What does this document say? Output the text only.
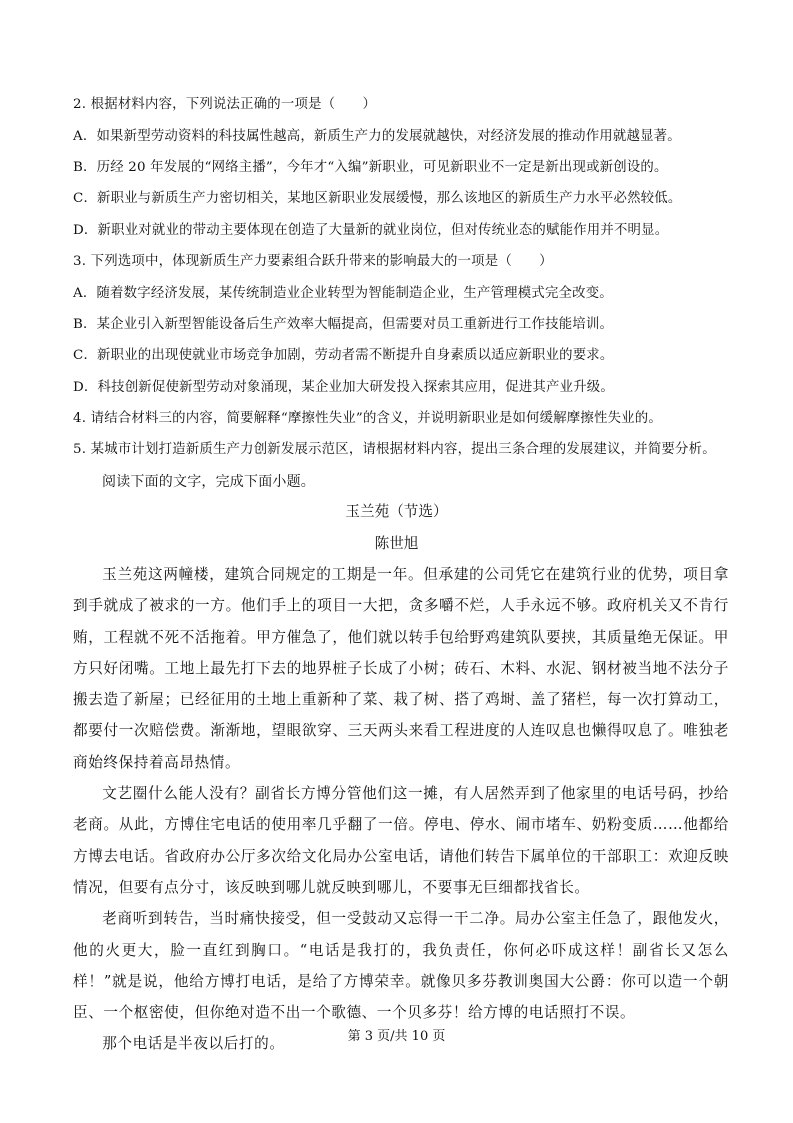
2. 根据材料内容，下列说法正确的一项是（　　）
A．如果新型劳动资料的科技属性越高，新质生产力的发展就越快，对经济发展的推动作用就越显著。
B．历经 20 年发展的“网络主播”，今年才“入编”新职业，可见新职业不一定是新出现或新创设的。
C．新职业与新质生产力密切相关，某地区新职业发展缓慢，那么该地区的新质生产力水平必然较低。
D．新职业对就业的带动主要体现在创造了大量新的就业岗位，但对传统业态的赋能作用并不明显。
3. 下列选项中，体现新质生产力要素组合跃升带来的影响最大的一项是（　　）
A．随着数字经济发展，某传统制造业企业转型为智能制造企业，生产管理模式完全改变。
B．某企业引入新型智能设备后生产效率大幅提高，但需要对员工重新进行工作技能培训。
C．新职业的出现使就业市场竞争加剧，劳动者需不断提升自身素质以适应新职业的要求。
D．科技创新促使新型劳动对象涌现，某企业加大研发投入探索其应用，促进其产业升级。
4. 请结合材料三的内容，简要解释“摩擦性失业”的含义，并说明新职业是如何缓解摩擦性失业的。
5. 某城市计划打造新质生产力创新发展示范区，请根据材料内容，提出三条合理的发展建议，并简要分析。
阅读下面的文字，完成下面小题。
玉兰苑（节选）
陈世旭

玉兰苑这两幢楼，建筑合同规定的工期是一年。但承建的公司凭它在建筑行业的优势，项目拿到手就成了被求的一方。他们手上的项目一大把，贪多嚼不烂，人手永远不够。政府机关又不肯行贿，工程就不死不活拖着。甲方催急了，他们就以转手包给野鸡建筑队要挟，其质量绝无保证。甲方只好闭嘴。工地上最先打下去的地界桩子长成了小树；砖石、木料、水泥、钢材被当地不法分子搬去造了新屋；已经征用的土地上重新种了菜、栽了树、搭了鸡埘、盖了猪栏，每一次打算动工，都要付一次赔偿费。渐渐地，望眼欲穿、三天两头来看工程进度的人连叹息也懒得叹息了。唯独老商始终保持着高昂热情。

文艺圈什么能人没有？副省长方博分管他们这一摊，有人居然弄到了他家里的电话号码，抄给老商。从此，方博住宅电话的使用率几乎翻了一倍。停电、停水、闹市堵车、奶粉变质……他都给方博去电话。省政府办公厅多次给文化局办公室电话，请他们转告下属单位的干部职工：欢迎反映情况，但要有点分寸，该反映到哪儿就反映到哪儿，不要事无巨细都找省长。

老商听到转告，当时痛快接受，但一受鼓动又忘得一干二净。局办公室主任急了，跟他发火，他的火更大，脸一直红到胸口。“电话是我打的，我负责任，你何必吓成这样！副省长又怎么样！”就是说，他给方博打电话，是给了方博荣幸。就像贝多芬教训奥国大公爵：你可以造一个朝臣、一个枢密使，但你绝对造不出一个歌德、一个贝多芬！给方博的电话照打不误。

那个电话是半夜以后打的。	第 3 页/共 10 页
